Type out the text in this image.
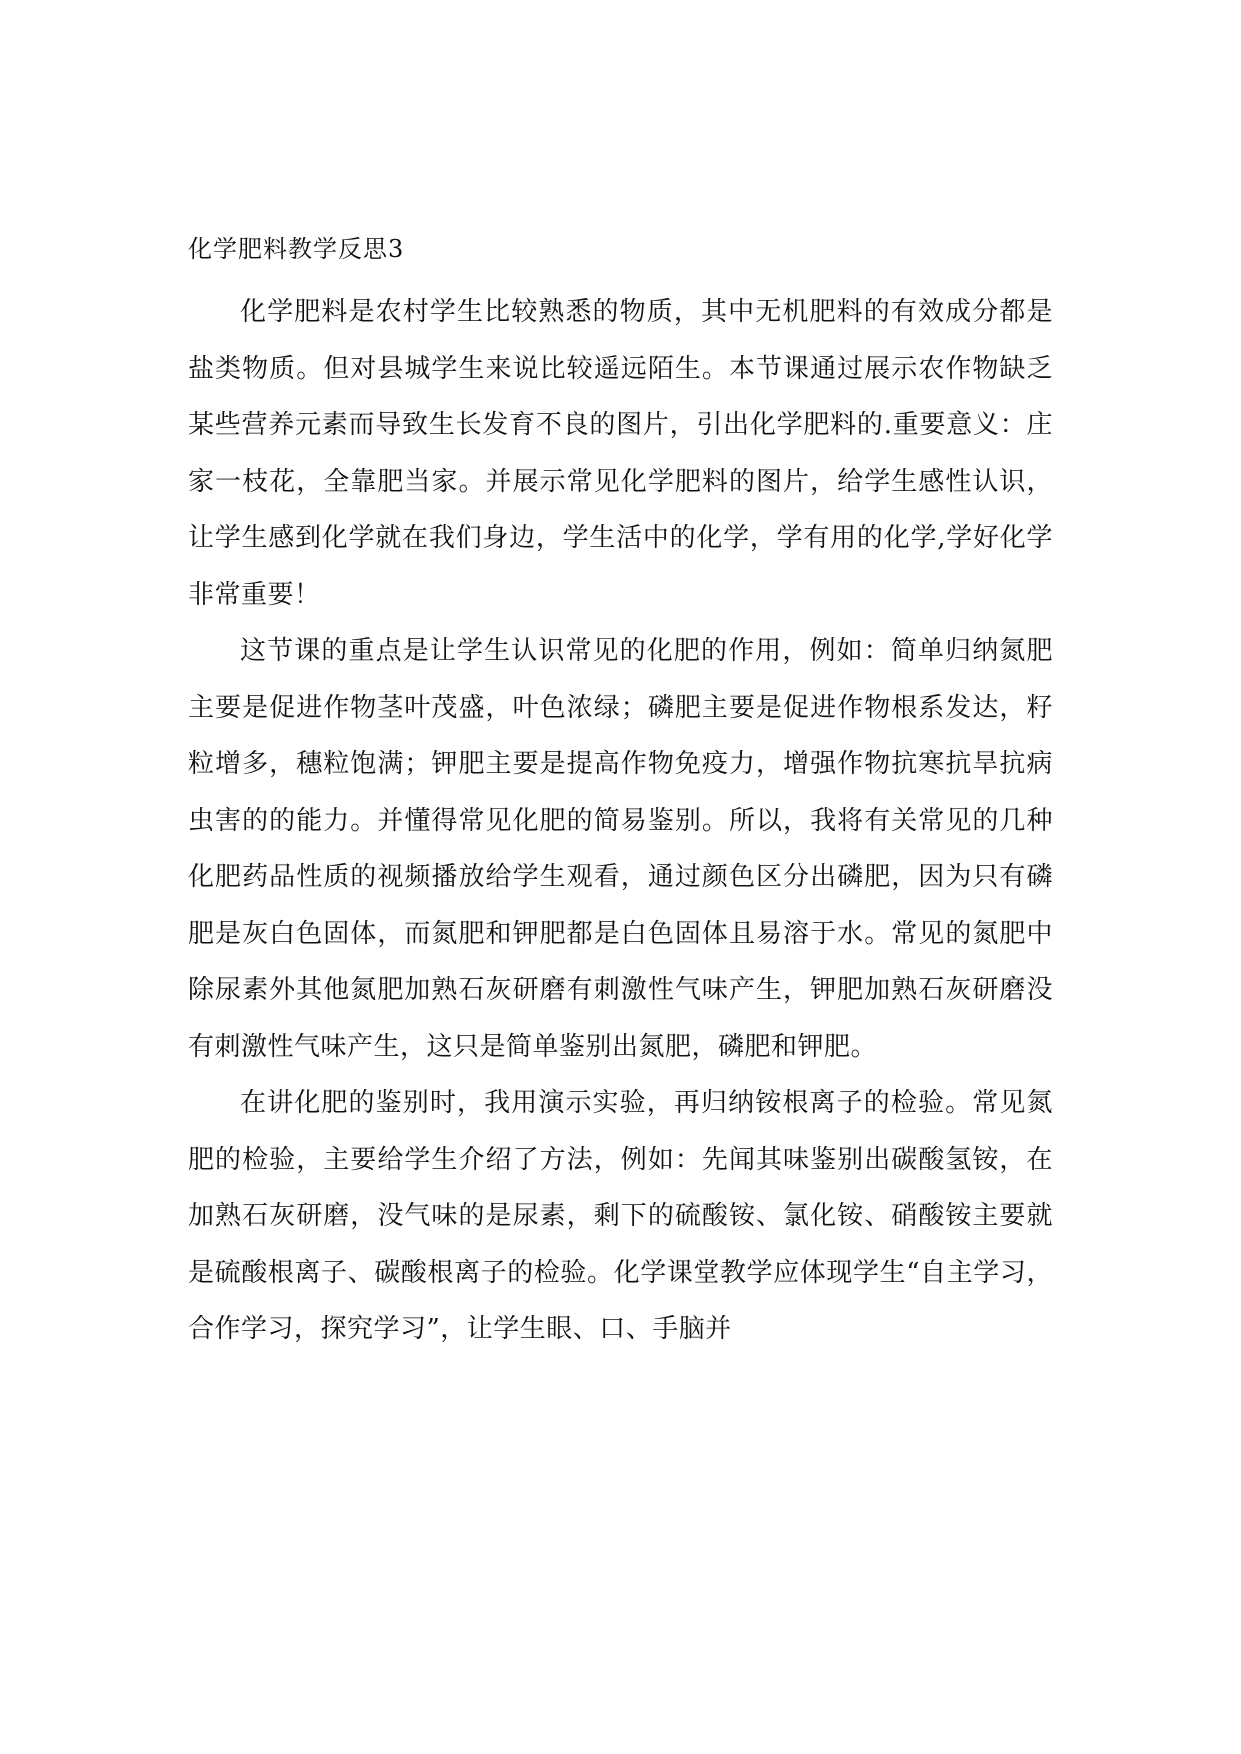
化学肥料教学反思3

化学肥料是农村学生比较熟悉的物质，其中无机肥料的有效成分都是盐类物质。但对县城学生来说比较遥远陌生。本节课通过展示农作物缺乏某些营养元素而导致生长发育不良的图片，引出化学肥料的.重要意义：庄家一枝花，全靠肥当家。并展示常见化学肥料的图片，给学生感性认识，让学生感到化学就在我们身边，学生活中的化学，学有用的化学,学好化学非常重要！

这节课的重点是让学生认识常见的化肥的作用，例如：简单归纳氮肥主要是促进作物茎叶茂盛，叶色浓绿；磷肥主要是促进作物根系发达，籽粒增多，穗粒饱满；钾肥主要是提高作物免疫力，增强作物抗寒抗旱抗病虫害的的能力。并懂得常见化肥的简易鉴别。所以，我将有关常见的几种化肥药品性质的视频播放给学生观看，通过颜色区分出磷肥，因为只有磷肥是灰白色固体，而氮肥和钾肥都是白色固体且易溶于水。常见的氮肥中除尿素外其他氮肥加熟石灰研磨有刺激性气味产生，钾肥加熟石灰研磨没有刺激性气味产生，这只是简单鉴别出氮肥，磷肥和钾肥。

在讲化肥的鉴别时，我用演示实验，再归纳铵根离子的检验。常见氮肥的检验，主要给学生介绍了方法，例如：先闻其味鉴别出碳酸氢铵，在加熟石灰研磨，没气味的是尿素，剩下的硫酸铵、氯化铵、硝酸铵主要就是硫酸根离子、碳酸根离子的检验。化学课堂教学应体现学生“自主学习，合作学习，探究学习”，让学生眼、口、手脑并
